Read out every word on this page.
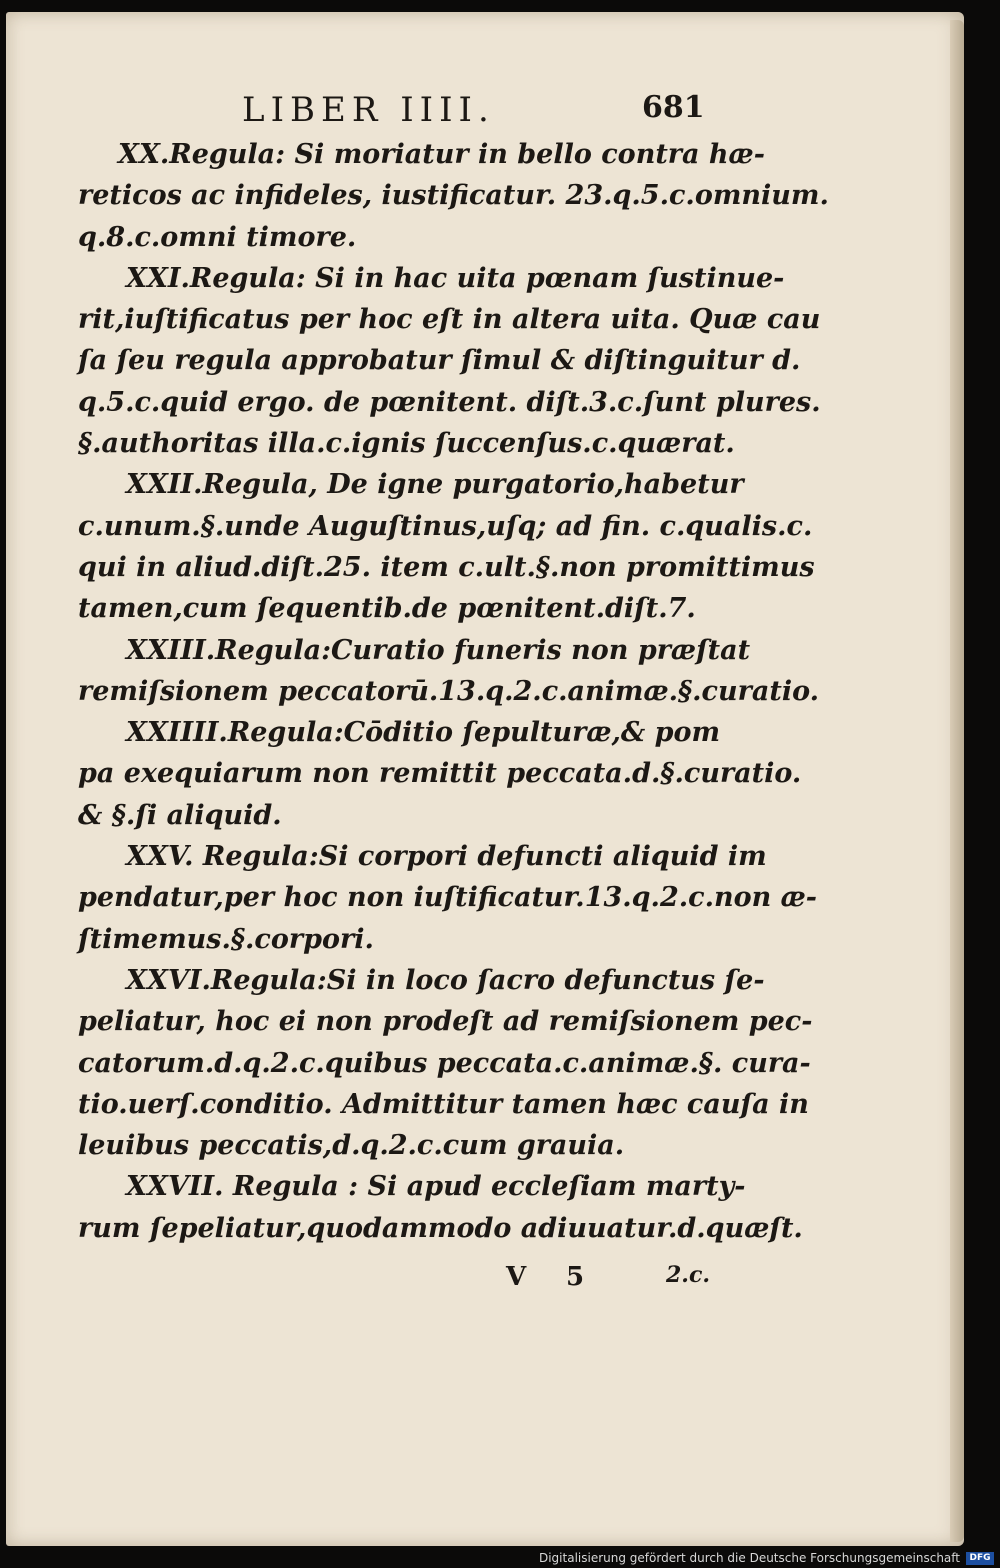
LIBER IIII.	681
XX.Regula: Si moriatur in bello contra hæ-
reticos ac infideles, iustificatur. 23.q.5.c.omnium.
q.8.c.omni timore.
XXI.Regula: Si in hac uita pœnam ſustinue-
rit,iuſtificatus per hoc eſt in altera uita. Quæ cau
ſa ſeu regula approbatur ſimul & diſtinguitur d.
q.5.c.quid ergo. de pœnitent. diſt.3.c.ſunt plures.
§.authoritas illa.c.ignis ſuccenſus.c.quærat.
XXII.Regula, De igne purgatorio,habetur
c.unum.§.unde Auguſtinus,uſq; ad fin. c.qualis.c.
qui in aliud.diſt.25. item c.ult.§.non promittimus
tamen,cum ſequentib.de pœnitent.diſt.7.
XXIII.Regula:Curatio funeris non præſtat
remiſsionem peccatorū.13.q.2.c.animæ.§.curatio.
XXIIII.Regula:Cōditio ſepulturæ,& pom
pa exequiarum non remittit peccata.d.§.curatio.
& §.ſi aliquid.
XXV. Regula:Si corpori defuncti aliquid im
pendatur,per hoc non iuſtificatur.13.q.2.c.non æ-
ſtimemus.§.corpori.
XXVI.Regula:Si in loco ſacro defunctus ſe-
peliatur, hoc ei non prodeſt ad remiſsionem pec-
catorum.d.q.2.c.quibus peccata.c.animæ.§. cura-
tio.uerſ.conditio. Admittitur tamen hæc cauſa in
leuibus peccatis,d.q.2.c.cum grauia.
XXVII. Regula : Si apud eccleſiam marty-
rum ſepeliatur,quodammodo adiuuatur.d.quæſt.
V 5	2.c.
Digitalisierung gefördert durch die Deutsche Forschungsgemeinschaft	DFG
